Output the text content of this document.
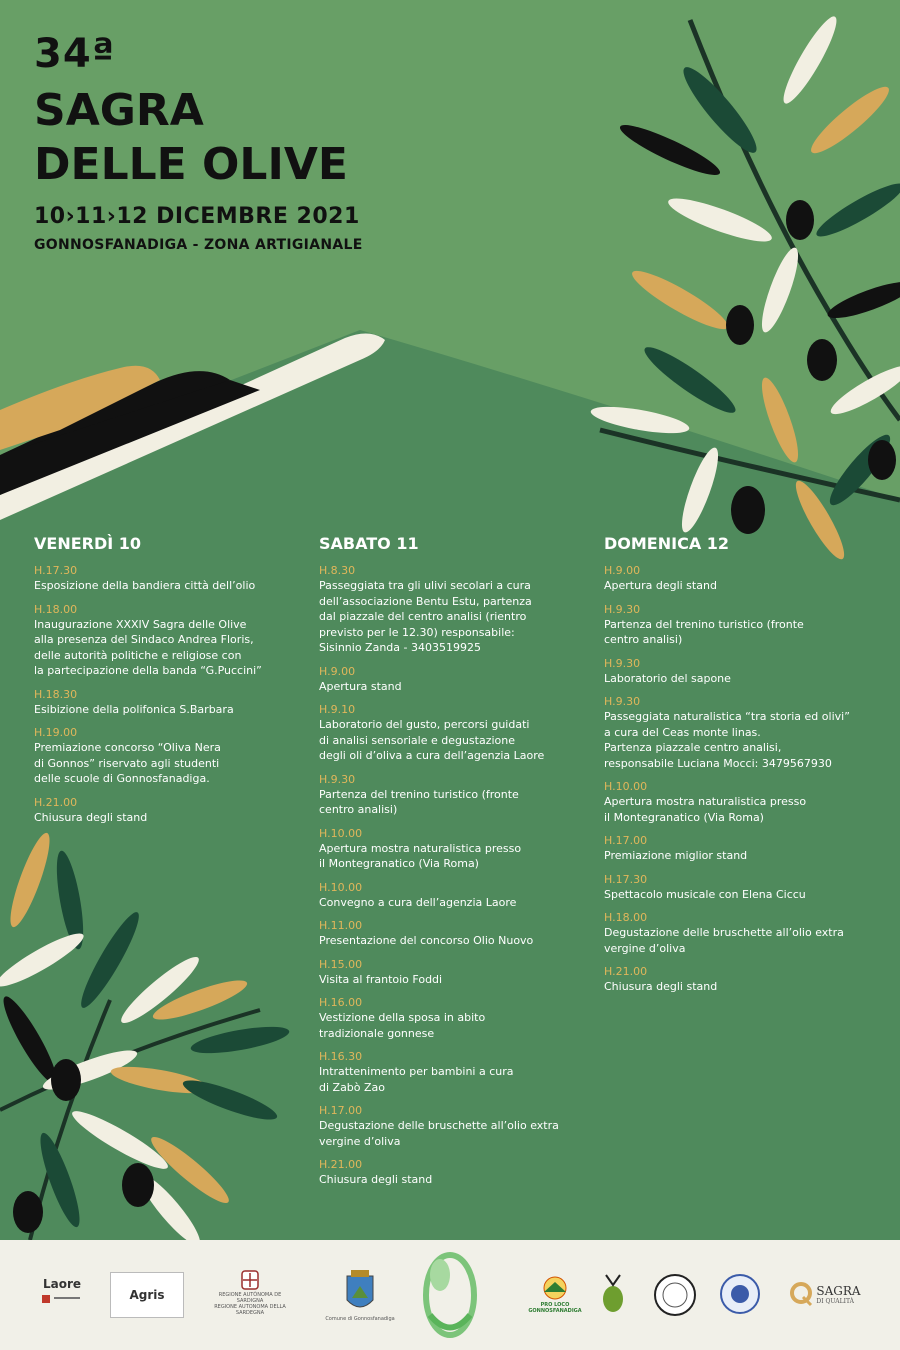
34ª
SAGRA
DELLE OLIVE
10›11›12 DICEMBRE 2021
GONNOSFANADIGA - ZONA ARTIGIANALE
VENERDÌ 10
H.17.30
Esposizione della bandiera città dell’olio
H.18.00
Inaugurazione XXXIV Sagra delle Olive
alla presenza del Sindaco Andrea Floris,
delle autorità politiche e religiose con
la partecipazione della banda “G.Puccini”
H.18.30
Esibizione della polifonica S.Barbara
H.19.00
Premiazione concorso “Oliva Nera
di Gonnos” riservato agli studenti
delle scuole di Gonnosfanadiga.
H.21.00
Chiusura degli stand
SABATO 11
H.8.30
Passeggiata tra gli ulivi secolari a cura
dell’associazione Bentu Estu, partenza
dal piazzale del centro analisi (rientro
previsto per le 12.30) responsabile:
Sisinnio Zanda - 3403519925
H.9.00
Apertura stand
H.9.10
Laboratorio del gusto, percorsi guidati
di analisi sensoriale e degustazione
degli oli d’oliva a cura dell’agenzia Laore
H.9.30
Partenza del trenino turistico (fronte
centro analisi)
H.10.00
Apertura mostra naturalistica presso
il Montegranatico (Via Roma)
H.10.00
Convegno a cura dell’agenzia Laore
H.11.00
Presentazione del concorso Olio Nuovo
H.15.00
Visita al frantoio Foddi
H.16.00
Vestizione della sposa in abito
tradizionale gonnese
H.16.30
Intrattenimento per bambini a cura
di Zabò Zao
H.17.00
Degustazione delle bruschette all’olio extra
vergine d’oliva
H.21.00
Chiusura degli stand
DOMENICA 12
H.9.00
Apertura degli stand
H.9.30
Partenza del trenino turistico (fronte
centro analisi)
H.9.30
Laboratorio del sapone
H.9.30
Passeggiata naturalistica “tra storia ed olivi”
a cura del Ceas monte linas.
Partenza piazzale centro analisi,
responsabile Luciana Mocci: 3479567930
H.10.00
Apertura mostra naturalistica presso
il Montegranatico (Via Roma)
H.17.00
Premiazione miglior stand
H.17.30
Spettacolo musicale con Elena Ciccu
H.18.00
Degustazione delle bruschette all’olio extra
vergine d’oliva
H.21.00
Chiusura degli stand
Laore
Agris	REGIONE AUTÒNOMA DE SARDIGNA
REGIONE AUTONOMA DELLA SARDEGNA
Comune di Gonnosfanadiga
PRO LOCO
GONNOSFANADIGA
SAGRA
DI QUALITÀ
